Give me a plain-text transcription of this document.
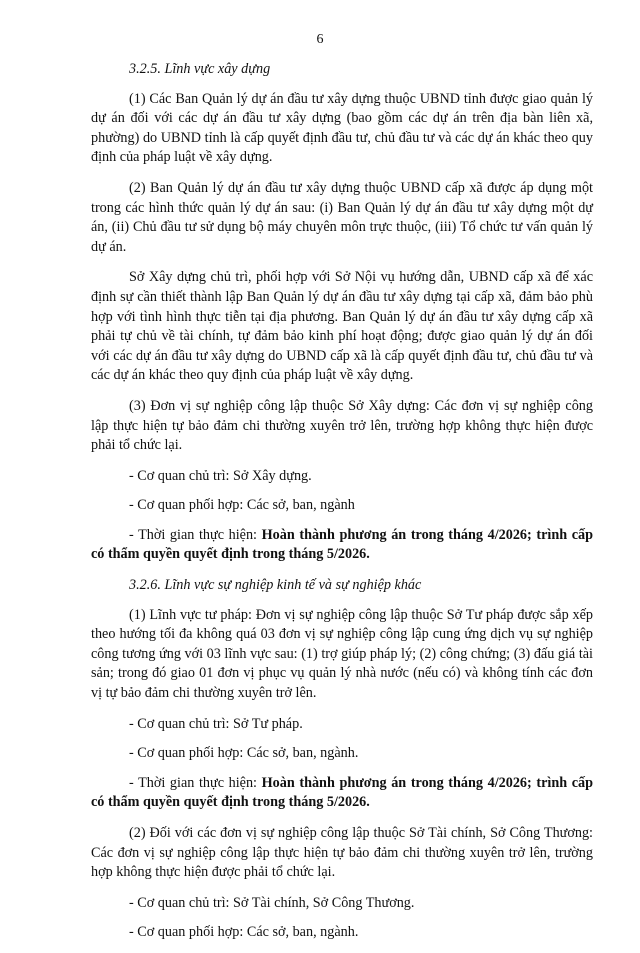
6

3.2.5. Lĩnh vực xây dựng

(1) Các Ban Quản lý dự án đầu tư xây dựng thuộc UBND tỉnh được giao quản lý dự án đối với các dự án đầu tư xây dựng (bao gồm các dự án trên địa bàn liên xã, phường) do UBND tỉnh là cấp quyết định đầu tư, chủ đầu tư và các dự án khác theo quy định của pháp luật về xây dựng.

(2) Ban Quản lý dự án đầu tư xây dựng thuộc UBND cấp xã được áp dụng một trong các hình thức quản lý dự án sau: (i) Ban Quản lý dự án đầu tư xây dựng một dự án, (ii) Chủ đầu tư sử dụng bộ máy chuyên môn trực thuộc, (iii) Tổ chức tư vấn quản lý dự án.

Sở Xây dựng chủ trì, phối hợp với Sở Nội vụ hướng dẫn, UBND cấp xã để xác định sự cần thiết thành lập Ban Quản lý dự án đầu tư xây dựng tại cấp xã, đảm bảo phù hợp với tình hình thực tiễn tại địa phương. Ban Quản lý dự án đầu tư xây dựng cấp xã phải tự chủ về tài chính, tự đảm bảo kinh phí hoạt động; được giao quản lý dự án đối với các dự án đầu tư xây dựng do UBND cấp xã là cấp quyết định đầu tư, chủ đầu tư và các dự án khác theo quy định của pháp luật về xây dựng.

(3) Đơn vị sự nghiệp công lập thuộc Sở Xây dựng: Các đơn vị sự nghiệp công lập thực hiện tự bảo đảm chi thường xuyên trở lên, trường hợp không thực hiện được phải tổ chức lại.

- Cơ quan chủ trì: Sở Xây dựng.

- Cơ quan phối hợp: Các sở, ban, ngành

- Thời gian thực hiện: Hoàn thành phương án trong tháng 4/2026; trình cấp có thẩm quyền quyết định trong tháng 5/2026.

3.2.6. Lĩnh vực sự nghiệp kinh tế và sự nghiệp khác

(1) Lĩnh vực tư pháp: Đơn vị sự nghiệp công lập thuộc Sở Tư pháp được sắp xếp theo hướng tối đa không quá 03 đơn vị sự nghiệp công lập cung ứng dịch vụ sự nghiệp công tương ứng với 03 lĩnh vực sau: (1) trợ giúp pháp lý; (2) công chứng; (3) đấu giá tài sản; trong đó giao 01 đơn vị phục vụ quản lý nhà nước (nếu có) và không tính các đơn vị tự bảo đảm chi thường xuyên trở lên.

- Cơ quan chủ trì: Sở Tư pháp.

- Cơ quan phối hợp: Các sở, ban, ngành.

- Thời gian thực hiện: Hoàn thành phương án trong tháng 4/2026; trình cấp có thẩm quyền quyết định trong tháng 5/2026.

(2) Đối với các đơn vị sự nghiệp công lập thuộc Sở Tài chính, Sở Công Thương: Các đơn vị sự nghiệp công lập thực hiện tự bảo đảm chi thường xuyên trở lên, trường hợp không thực hiện được phải tổ chức lại.

- Cơ quan chủ trì: Sở Tài chính, Sở Công Thương.

- Cơ quan phối hợp: Các sở, ban, ngành.
